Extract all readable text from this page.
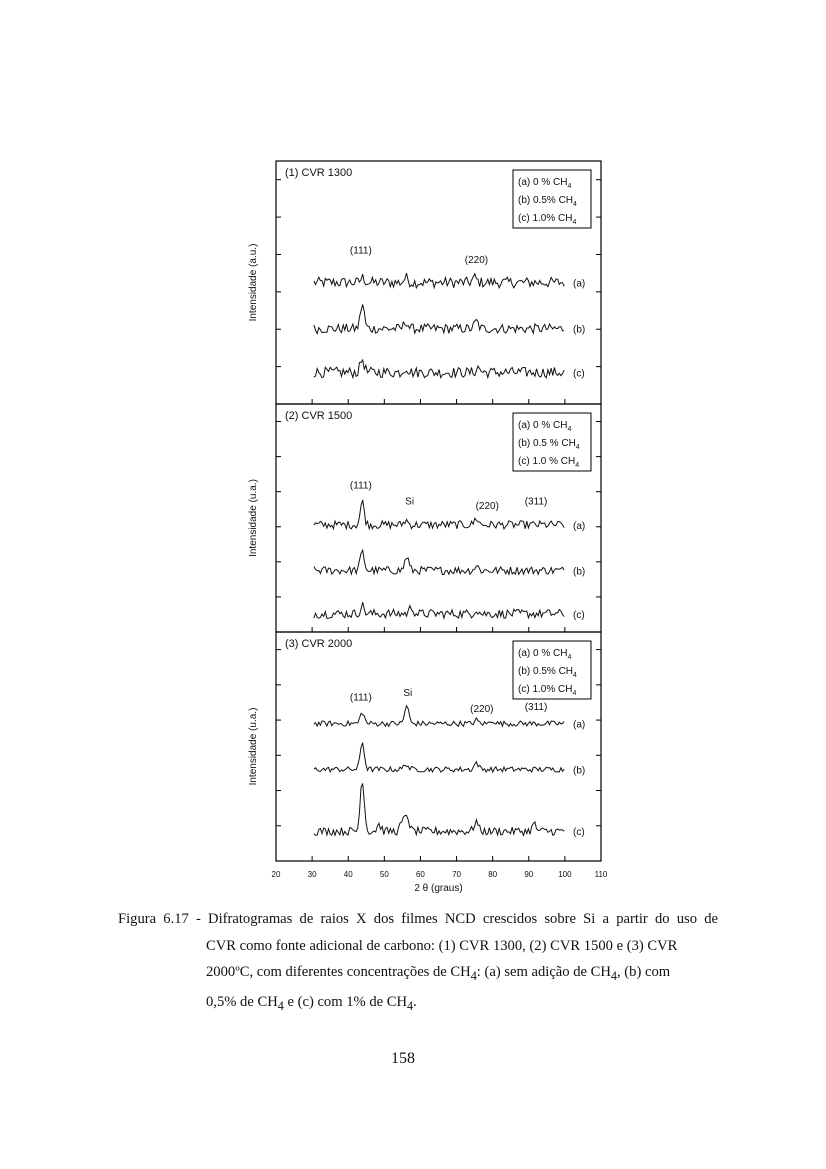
(1) CVR 1300
Intensidade (a.u.)
(a) 0 % $CH_4$
(b) 0.5% $CH_4$
(c) 1.0% $CH_4$
(111)
(220)
(a)
(b)
(c)
(2) CVR 1500
Intensidade (u.a.)
(a) 0 % $CH_4$
(b) 0.5 % $CH_4$
(c) 1.0 % $CH_4$
(111)
Si	(220)	(311)
(a)
(b)
(c)
(3) CVR 2000
Intensidade (u.a.)
(a) 0 % $CH_4$
(b) 0.5% $CH_4$
(c) 1.0% $CH_4$
(111)	Si
(220)	(311)
(a)
(b)
(c)
20	30	40	50	60	70	80	90	100	110
2 θ (graus)
Figura 6.17 - Difratogramas de raios X dos filmes NCD crescidos sobre Si a partir do uso de
CVR como fonte adicional de carbono: (1) CVR 1300, (2) CVR 1500 e (3) CVR
2000ºC, com diferentes concentrações de $CH_4$: (a) sem adição de $CH_4$, (b) com
0,5% de $CH_4$ e (c) com 1% de $CH_4$.
158
